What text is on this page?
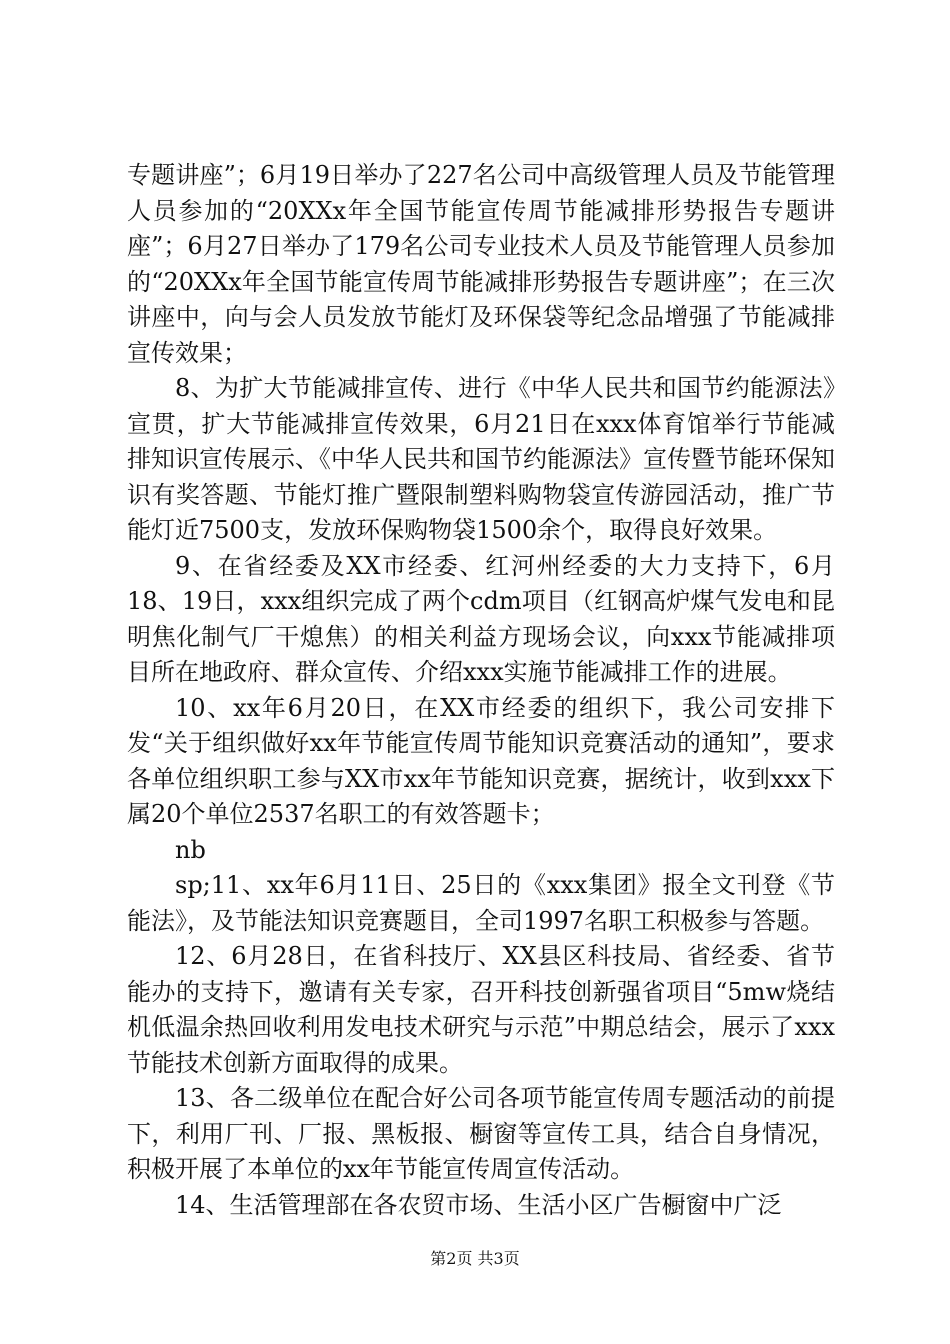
专题讲座”；6月19日举办了227名公司中高级管理人员及节能管理人员参加的“20XXx年全国节能宣传周节能减排形势报告专题讲座”；6月27日举办了179名公司专业技术人员及节能管理人员参加的“20XXx年全国节能宣传周节能减排形势报告专题讲座”；在三次讲座中，向与会人员发放节能灯及环保袋等纪念品增强了节能减排宣传效果；

8、为扩大节能减排宣传、进行《中华人民共和国节约能源法》宣贯，扩大节能减排宣传效果，6月21日在xxx体育馆举行节能减排知识宣传展示、《中华人民共和国节约能源法》宣传暨节能环保知识有奖答题、节能灯推广暨限制塑料购物袋宣传游园活动，推广节能灯近7500支，发放环保购物袋1500余个，取得良好效果。

9、在省经委及XX市经委、红河州经委的大力支持下，6月18、19日，xxx组织完成了两个cdm项目（红钢高炉煤气发电和昆明焦化制气厂干熄焦）的相关利益方现场会议，向xxx节能减排项目所在地政府、群众宣传、介绍xxx实施节能减排工作的进展。

10、xx年6月20日，在XX市经委的组织下，我公司安排下发“关于组织做好xx年节能宣传周节能知识竞赛活动的通知”，要求各单位组织职工参与XX市xx年节能知识竞赛，据统计，收到xxx下属20个单位2537名职工的有效答题卡；

nb

sp;11、xx年6月11日、25日的《xxx集团》报全文刊登《节能法》，及节能法知识竞赛题目，全司1997名职工积极参与答题。

12、6月28日，在省科技厅、XX县区科技局、省经委、省节能办的支持下，邀请有关专家，召开科技创新强省项目“5mw烧结机低温余热回收利用发电技术研究与示范”中期总结会，展示了xxx节能技术创新方面取得的成果。

13、各二级单位在配合好公司各项节能宣传周专题活动的前提下，利用厂刊、厂报、黑板报、橱窗等宣传工具，结合自身情况，积极开展了本单位的xx年节能宣传周宣传活动。

14、生活管理部在各农贸市场、生活小区广告橱窗中广泛

第2页 共3页
